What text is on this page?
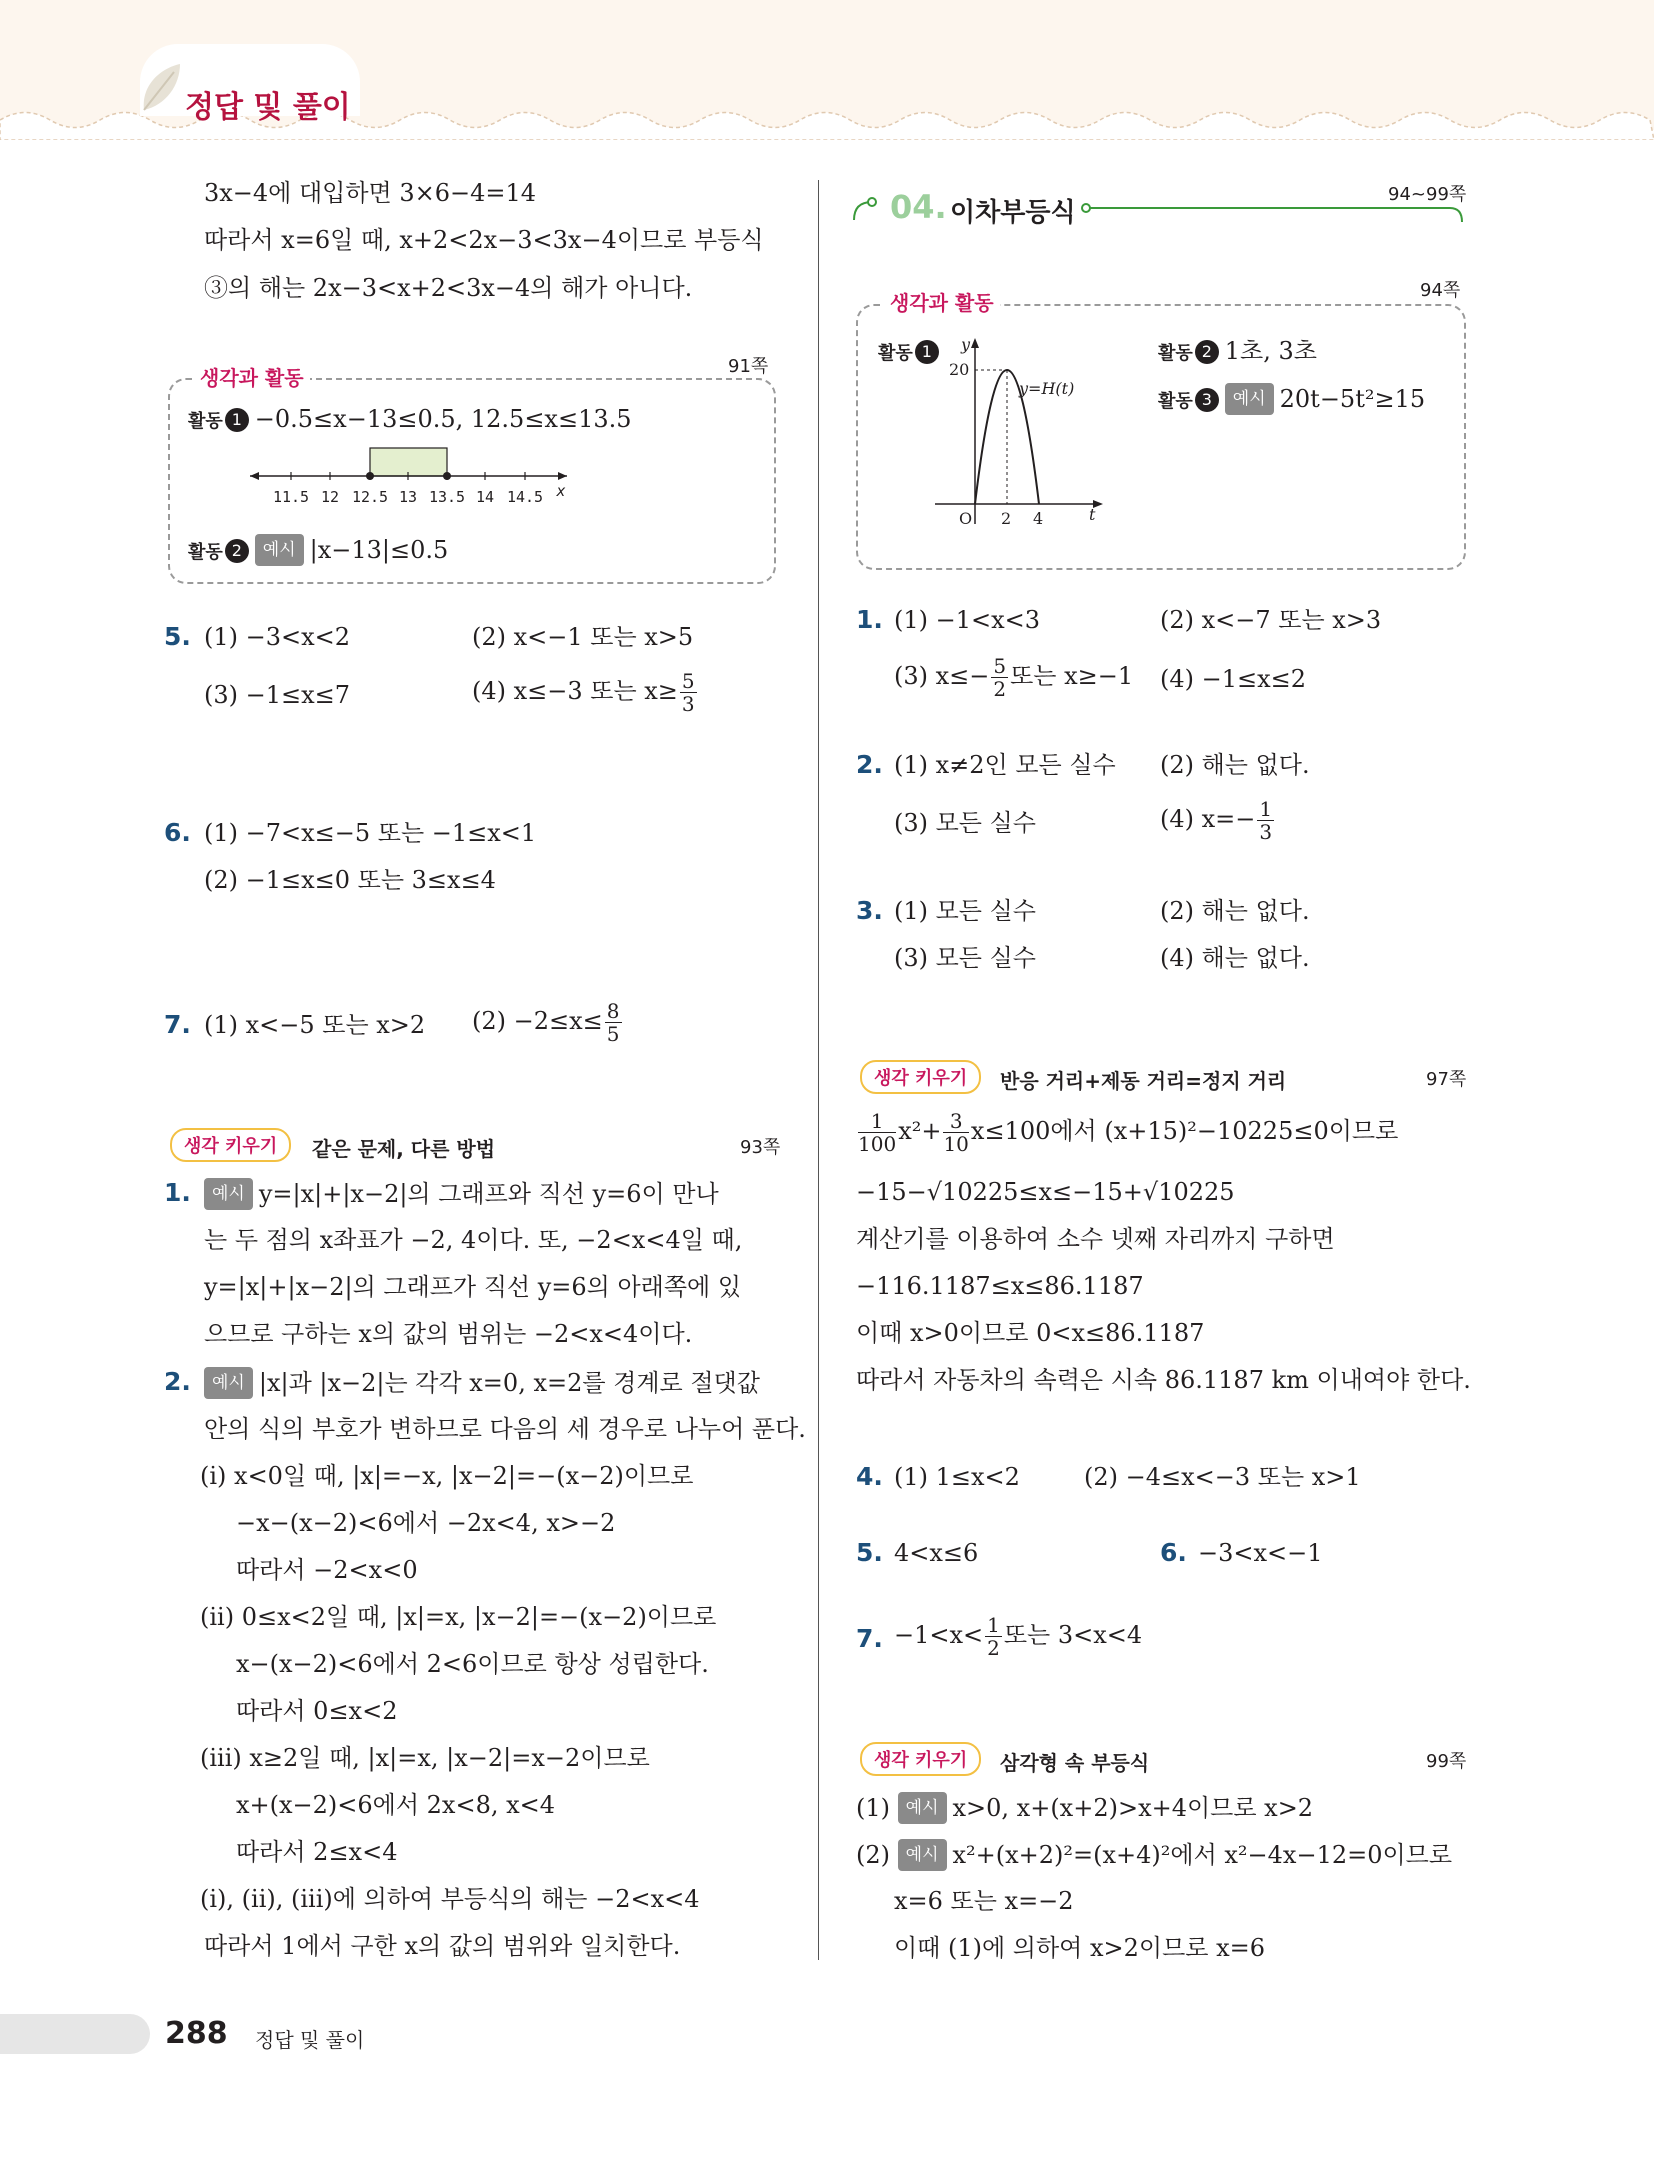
정답 및 풀이
3x−4에 대입하면 3×6−4=14
따라서 x=6일 때, x+2<2x−3<3x−4이므로 부등식
③의 해는 2x−3<x+2<3x−4의 해가 아니다.
생각과 활동	91쪽
활동 1 −0.5≤x−13≤0.5, 12.5≤x≤13.5
11.5 12 12.5 13 13.5 14 14.5 x
활동 2 예시 |x−13|≤0.5
5. (1) −3<x<2	(2) x<−1 또는 x>5
(3) −1≤x≤7	(4) x≤−3 또는 $x\ge \frac{5}{3}$
6. (1) −7<x≤−5 또는 −1≤x<1
(2) −1≤x≤0 또는 3≤x≤4
7. (1) x<−5 또는 x>2 $(2) -2\le x\le \frac{8}{5}$
생각 키우기	같은 문제, 다른 방법	93쪽
1.	예시 y=|x|+|x−2|의 그래프와 직선 y=6이 만나
는 두 점의 x좌표가 −2, 4이다. 또, −2<x<4일 때,
y=|x|+|x−2|의 그래프가 직선 y=6의 아래쪽에 있
으므로 구하는 x의 값의 범위는 −2<x<4이다.
2.	예시 |x|과 |x−2|는 각각 x=0, x=2를 경계로 절댓값
안의 식의 부호가 변하므로 다음의 세 경우로 나누어 푼다.
(i) x<0일 때, |x|=−x, |x−2|=−(x−2)이므로
−x−(x−2)<6에서 −2x<4, x>−2
따라서 −2<x<0
(ii) 0≤x<2일 때, |x|=x, |x−2|=−(x−2)이므로
x−(x−2)<6에서 2<6이므로 항상 성립한다.
따라서 0≤x<2
(iii) x≥2일 때, |x|=x, |x−2|=x−2이므로
x+(x−2)<6에서 2x<8, x<4
따라서 2≤x<4
(i), (ii), (iii)에 의하여 부등식의 해는 −2<x<4
따라서 1에서 구한 x의 값의 범위와 일치한다.
04. 이차부등식
94~99쪽
생각과 활동
94쪽
활동 1	y
20
O 2 4	t
y=H(t)
활동 2 1초, 3초
활동 3 예시 20t−5t²≥15
1. (1) −1<x<3	(2) x<−7 또는 x>3
(3) $x\le- \frac{5}{2}$ 또는 x≥−1 (4) −1≤x≤2
2. (1) x≠2인 모든 실수 (2) 해는 없다.
(3) 모든 실수	(4) $x=- \frac{1}{3}$
3. (1) 모든 실수	(2) 해는 없다.
(3) 모든 실수	(4) 해는 없다.
생각 키우기	반응 거리+제동 거리=정지 거리	97쪽
$\frac{1}{100} x^2+ \frac{3}{10} x\le 100$에서 (x+15)²−10225≤0이므로
−15−√10225≤x≤−15+√10225
계산기를 이용하여 소수 넷째 자리까지 구하면
−116.1187≤x≤86.1187
이때 x>0이므로 0<x≤86.1187
따라서 자동차의 속력은 시속 86.1187 km 이내여야 한다.
4. (1) 1≤x<2	(2) −4≤x<−3 또는 x>1
5. 4<x≤6	6. −3<x<−1
7. $-1<x< \frac{1}{2}$ 또는 3<x<4
생각 키우기	삼각형 속 부등식	99쪽
(1) 예시 x>0, x+(x+2)>x+4이므로 x>2
(2) 예시 x²+(x+2)²=(x+4)²에서 x²−4x−12=0이므로
x=6 또는 x=−2
이때 (1)에 의하여 x>2이므로 x=6
288 정답 및 풀이
